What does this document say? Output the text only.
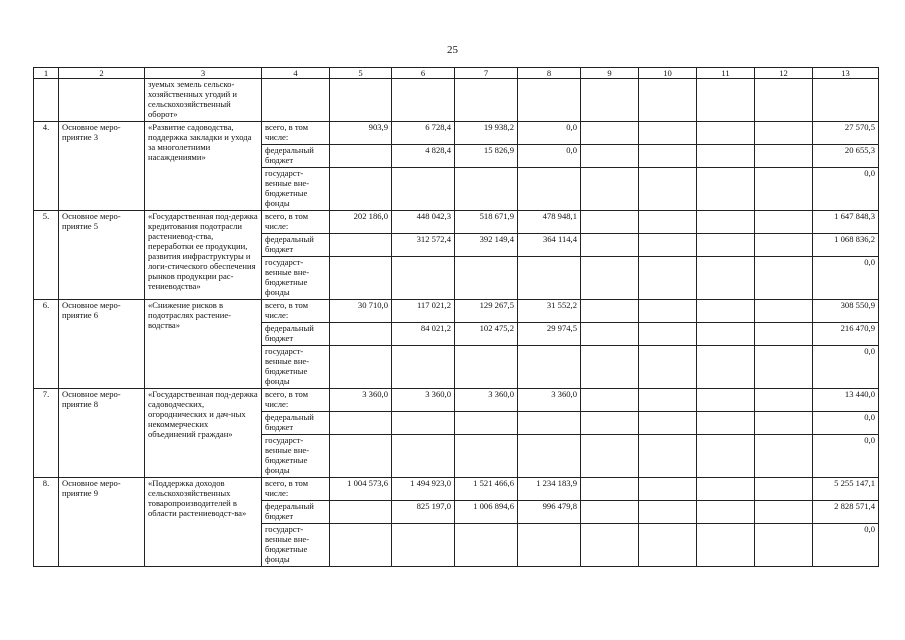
25
1	2	3	4	5	6	7	8	9	10	11	12	13
		зуемых земель сельско-хозяйственных угодий и сельскохозяйственный оборот»										
4.	Основное меро-приятие 3	«Развитие садоводства, поддержка закладки и ухода за многолетними насаждениями»	всего, в том числе:	903,9	6 728,4	19 938,2	0,0					27 570,5
			федеральный бюджет		4 828,4	15 826,9	0,0					20 655,3
			государст-венные вне-бюджетные фонды									0,0
5.	Основное меро-приятие 5	«Государственная под-держка кредитования подотрасли растениевод-ства, переработки ее продукции, развития инфраструктуры и логи-стического обеспечения рынков продукции рас-тениеводства»	всего, в том числе:	202 186,0	448 042,3	518 671,9	478 948,1					1 647 848,3
			федеральный бюджет		312 572,4	392 149,4	364 114,4					1 068 836,2
			государст-венные вне-бюджетные фонды									0,0
6.	Основное меро-приятие 6	«Снижение рисков в подотраслях растение-водства»	всего, в том числе:	30 710,0	117 021,2	129 267,5	31 552,2					308 550,9
			федеральный бюджет		84 021,2	102 475,2	29 974,5					216 470,9
			государст-венные вне-бюджетные фонды									0,0
7.	Основное меро-приятие 8	«Государственная под-держка садоводческих, огороднических и дач-ных некоммерческих объединений граждан»	всего, в том числе:	3 360,0	3 360,0	3 360,0	3 360,0					13 440,0
			федеральный бюджет									0,0
			государст-венные вне-бюджетные фонды									0,0
8.	Основное меро-приятие 9	«Поддержка доходов сельскохозяйственных товаропроизводителей в области растениеводст-ва»	всего, в том числе:	1 004 573,6	1 494 923,0	1 521 466,6	1 234 183,9					5 255 147,1
			федеральный бюджет		825 197,0	1 006 894,6	996 479,8					2 828 571,4
			государст-венные вне-бюджетные фонды									0,0
